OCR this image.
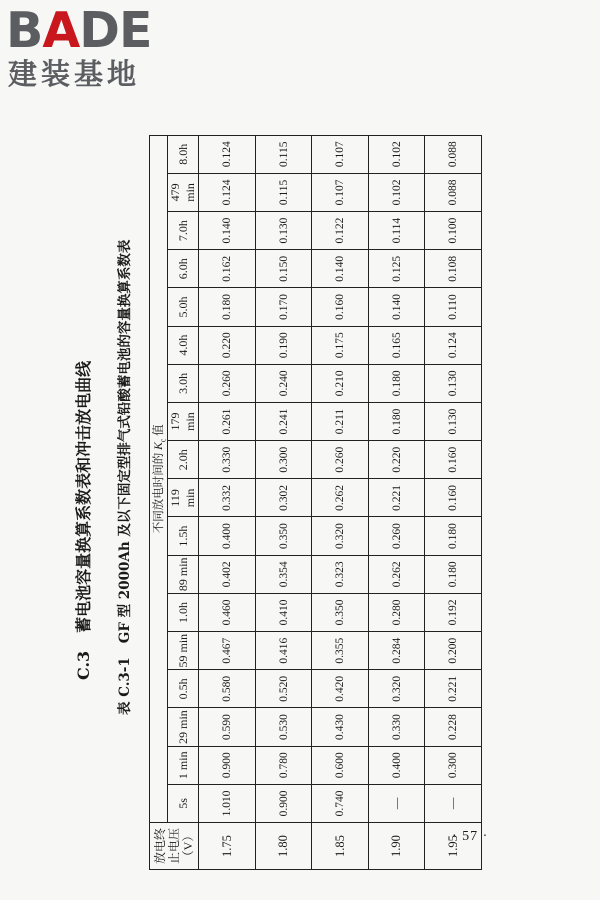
BADE
建装基地
C.3蓄电池容量换算系数表和冲击放电曲线
表 C.3-1GF 型 2000Ah 及以下固定型排气式铅酸蓄电池的容量换算系数表
放电终止电压（V）	不同放电时间的 $K_c$ 值																	
	5s	1 min	29 min	0.5h	59 min	1.0h	89 min	1.5h	119 min	2.0h	179 min	3.0h	4.0h	5.0h	6.0h	7.0h	479 min	8.0h
1.75	1.010	0.900	0.590	0.580	0.467	0.460	0.402	0.400	0.332	0.330	0.261	0.260	0.220	0.180	0.162	0.140	0.124	0.124
1.80	0.900	0.780	0.530	0.520	0.416	0.410	0.354	0.350	0.302	0.300	0.241	0.240	0.190	0.170	0.150	0.130	0.115	0.115
1.85	0.740	0.600	0.430	0.420	0.355	0.350	0.323	0.320	0.262	0.260	0.211	0.210	0.175	0.160	0.140	0.122	0.107	0.107
1.90	—	0.400	0.330	0.320	0.284	0.280	0.262	0.260	0.221	0.220	0.180	0.180	0.165	0.140	0.125	0.114	0.102	0.102
1.95	—	0.300	0.228	0.221	0.200	0.192	0.180	0.180	0.160	0.160	0.130	0.130	0.124	0.110	0.108	0.100	0.088	0.088
· 57 ·
